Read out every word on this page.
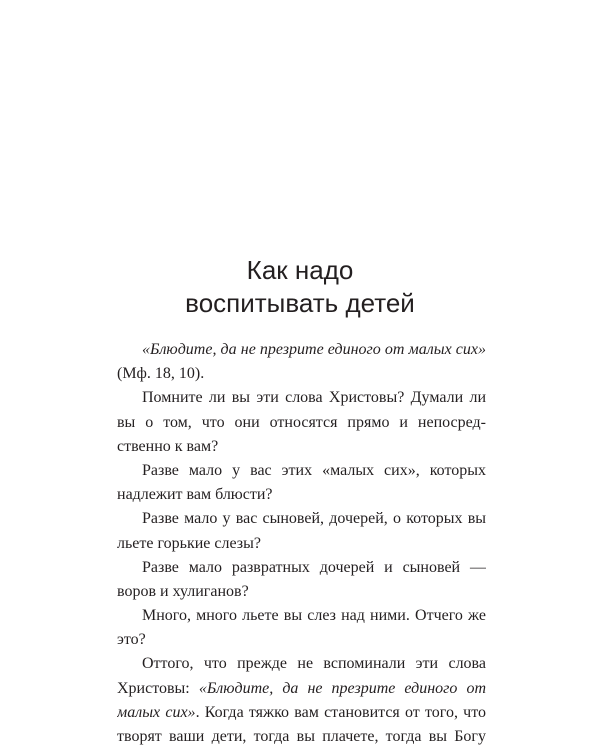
Как надо
воспитывать детей
«Блюдите, да не презрите единого от малых сих»
(Мф. 18, 10).
Помните ли вы эти слова Христовы? Думали ли
вы о том, что они относятся прямо и непосред-
ственно к вам?
Разве мало у вас этих «малых сих», которых
надлежит вам блюсти?
Разве мало у вас сыновей, дочерей, о которых вы
льете горькие слезы?
Разве мало развратных дочерей и сыновей —
воров и хулиганов?
Много, много льете вы слез над ними. Отчего же
это?
Оттого, что прежде не вспоминали эти слова
Христовы: «Блюдите, да не презрите единого от
малых сих». Когда тяжко вам становится от того, что
творят ваши дети, тогда вы плачете, тогда вы Богу
